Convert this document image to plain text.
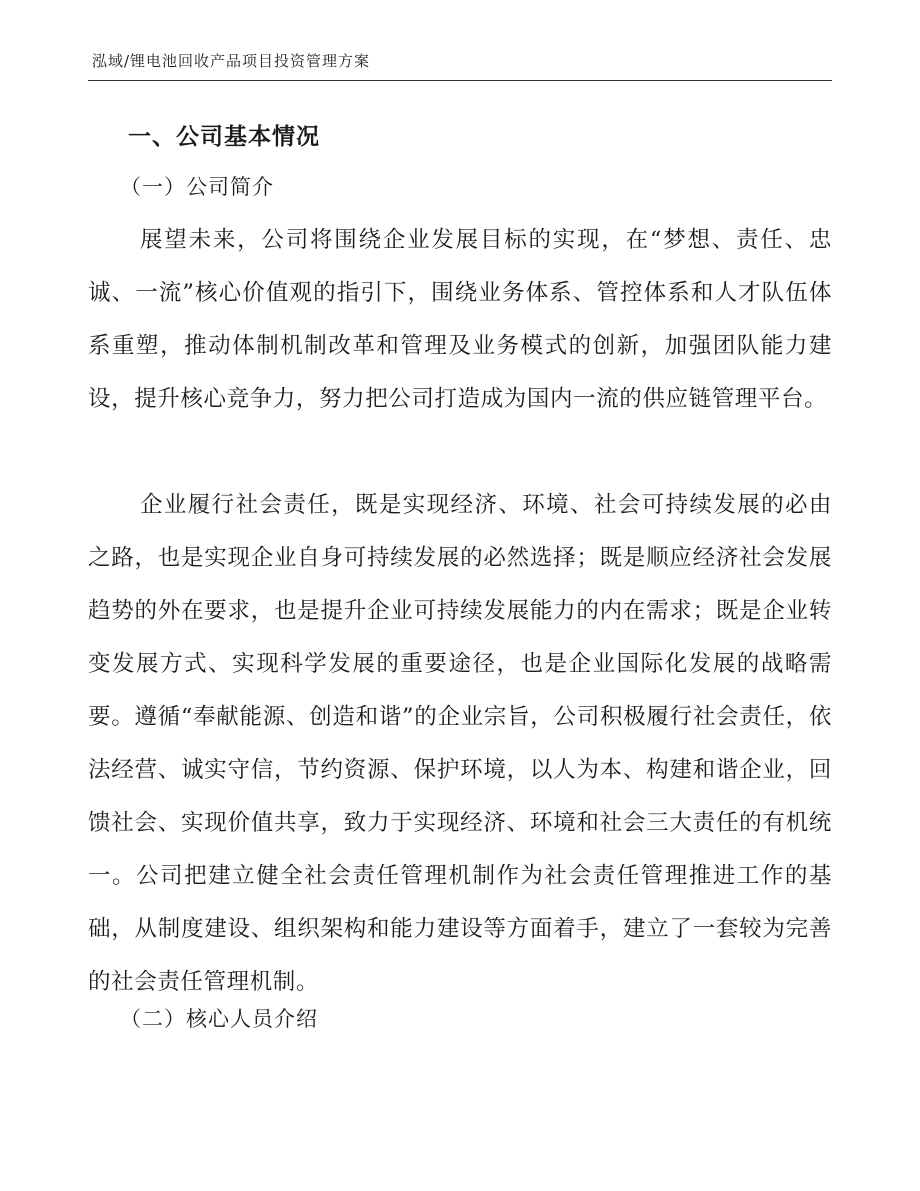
泓域/锂电池回收产品项目投资管理方案
一、公司基本情况
（一）公司简介

展望未来，公司将围绕企业发展目标的实现，在“梦想、责任、忠诚、一流”核心价值观的指引下，围绕业务体系、管控体系和人才队伍体系重塑，推动体制机制改革和管理及业务模式的创新，加强团队能力建设，提升核心竞争力，努力把公司打造成为国内一流的供应链管理平台。

企业履行社会责任，既是实现经济、环境、社会可持续发展的必由之路，也是实现企业自身可持续发展的必然选择；既是顺应经济社会发展趋势的外在要求，也是提升企业可持续发展能力的内在需求；既是企业转变发展方式、实现科学发展的重要途径，也是企业国际化发展的战略需要。遵循“奉献能源、创造和谐”的企业宗旨，公司积极履行社会责任，依法经营、诚实守信，节约资源、保护环境，以人为本、构建和谐企业，回馈社会、实现价值共享，致力于实现经济、环境和社会三大责任的有机统一。公司把建立健全社会责任管理机制作为社会责任管理推进工作的基础，从制度建设、组织架构和能力建设等方面着手，建立了一套较为完善的社会责任管理机制。

（二）核心人员介绍
